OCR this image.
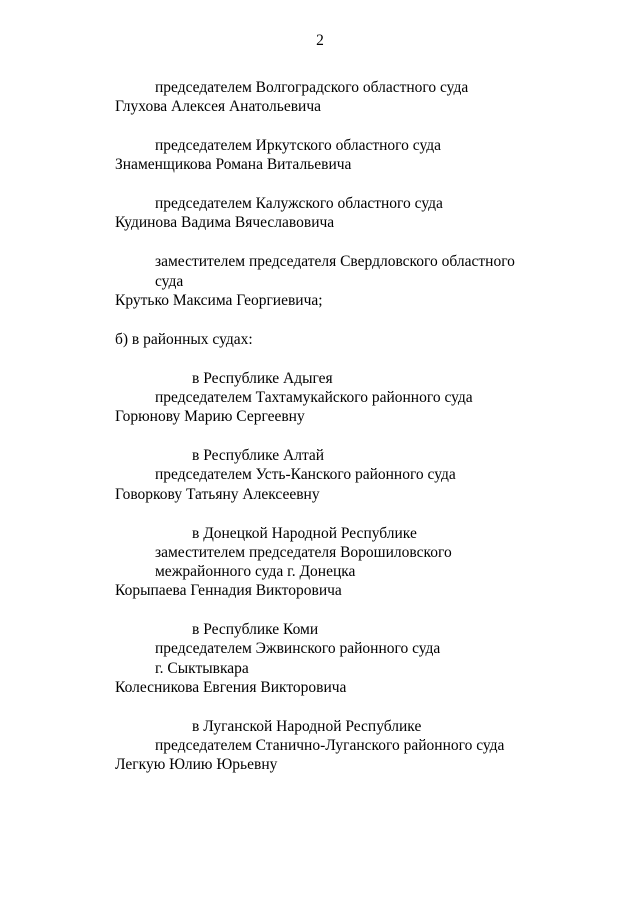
2
председателем Волгоградского областного суда
Глухова Алексея Анатольевича
председателем Иркутского областного суда
Знаменщикова Романа Витальевича
председателем Калужского областного суда
Кудинова Вадима Вячеславовича
заместителем председателя Свердловского областного
суда
Крутько Максима Георгиевича;
б) в районных судах:
в Республике Адыгея
председателем Тахтамукайского районного суда
Горюнову Марию Сергеевну
в Республике Алтай
председателем Усть-Канского районного суда
Говоркову Татьяну Алексеевну
в Донецкой Народной Республике
заместителем председателя Ворошиловского
межрайонного суда г. Донецка
Корыпаева Геннадия Викторовича
в Республике Коми
председателем Эжвинского районного суда
г. Сыктывкара
Колесникова Евгения Викторовича
в Луганской Народной Республике
председателем Станично-Луганского районного суда
Легкую Юлию Юрьевну
